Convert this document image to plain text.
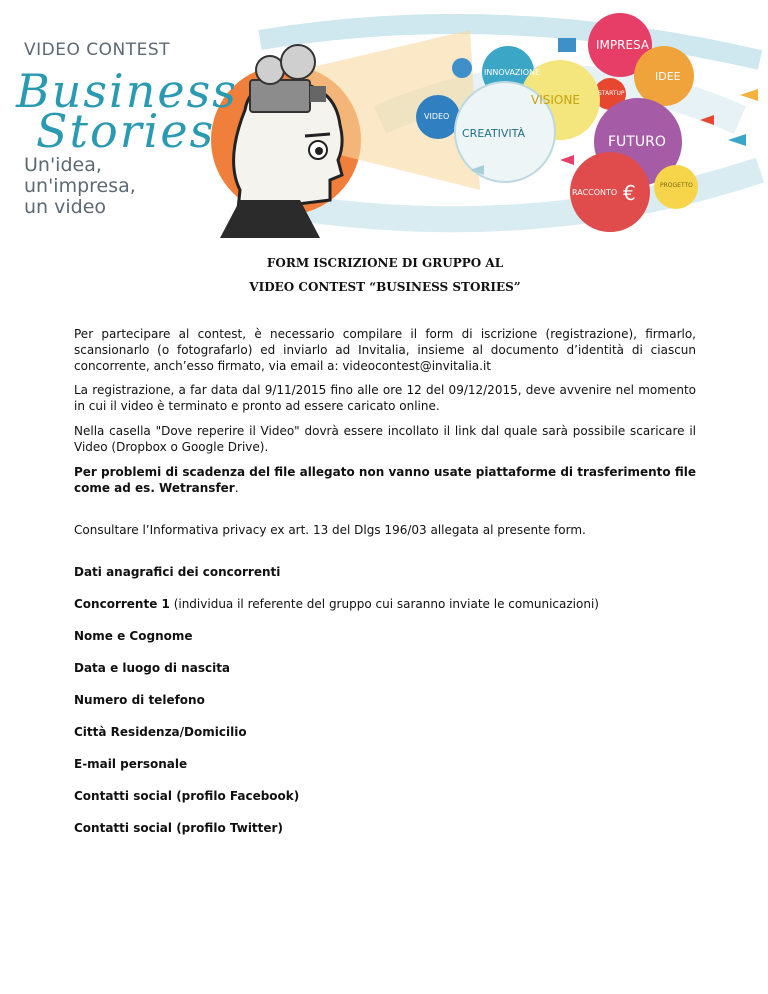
VIDEO CONTEST
Business
Stories
Un'idea,
un'impresa,
un video
IMPRESA
INNOVAZIONE	IDEE
STARTUP
VISIONE
VIDEO
CREATIVITÀ
FUTURO
PROGETTO
RACCONTO €
FORM ISCRIZIONE DI GRUPPO AL
VIDEO CONTEST “BUSINESS STORIES”

Per partecipare al contest, è necessario compilare il form di iscrizione (registrazione), firmarlo, scansionarlo (o fotografarlo) ed inviarlo ad Invitalia, insieme al documento d’identità di ciascun concorrente, anch’esso firmato, via email a: videocontest@invitalia.it

La registrazione, a far data dal 9/11/2015 fino alle ore 12 del 09/12/2015, deve avvenire nel momento in cui il video è terminato e pronto ad essere caricato online.

Nella casella "Dove reperire il Video" dovrà essere incollato il link dal quale sarà possibile scaricare il Video (Dropbox o Google Drive).

Per problemi di scadenza del file allegato non vanno usate piattaforme di trasferimento file come ad es. Wetransfer.

Consultare l’Informativa privacy ex art. 13 del Dlgs 196/03 allegata al presente form.

Dati anagrafici dei concorrenti
Concorrente 1 (individua il referente del gruppo cui saranno inviate le comunicazioni)
Nome e Cognome
Data e luogo di nascita
Numero di telefono
Città Residenza/Domicilio
E-mail personale
Contatti social (profilo Facebook)
Contatti social (profilo Twitter)
